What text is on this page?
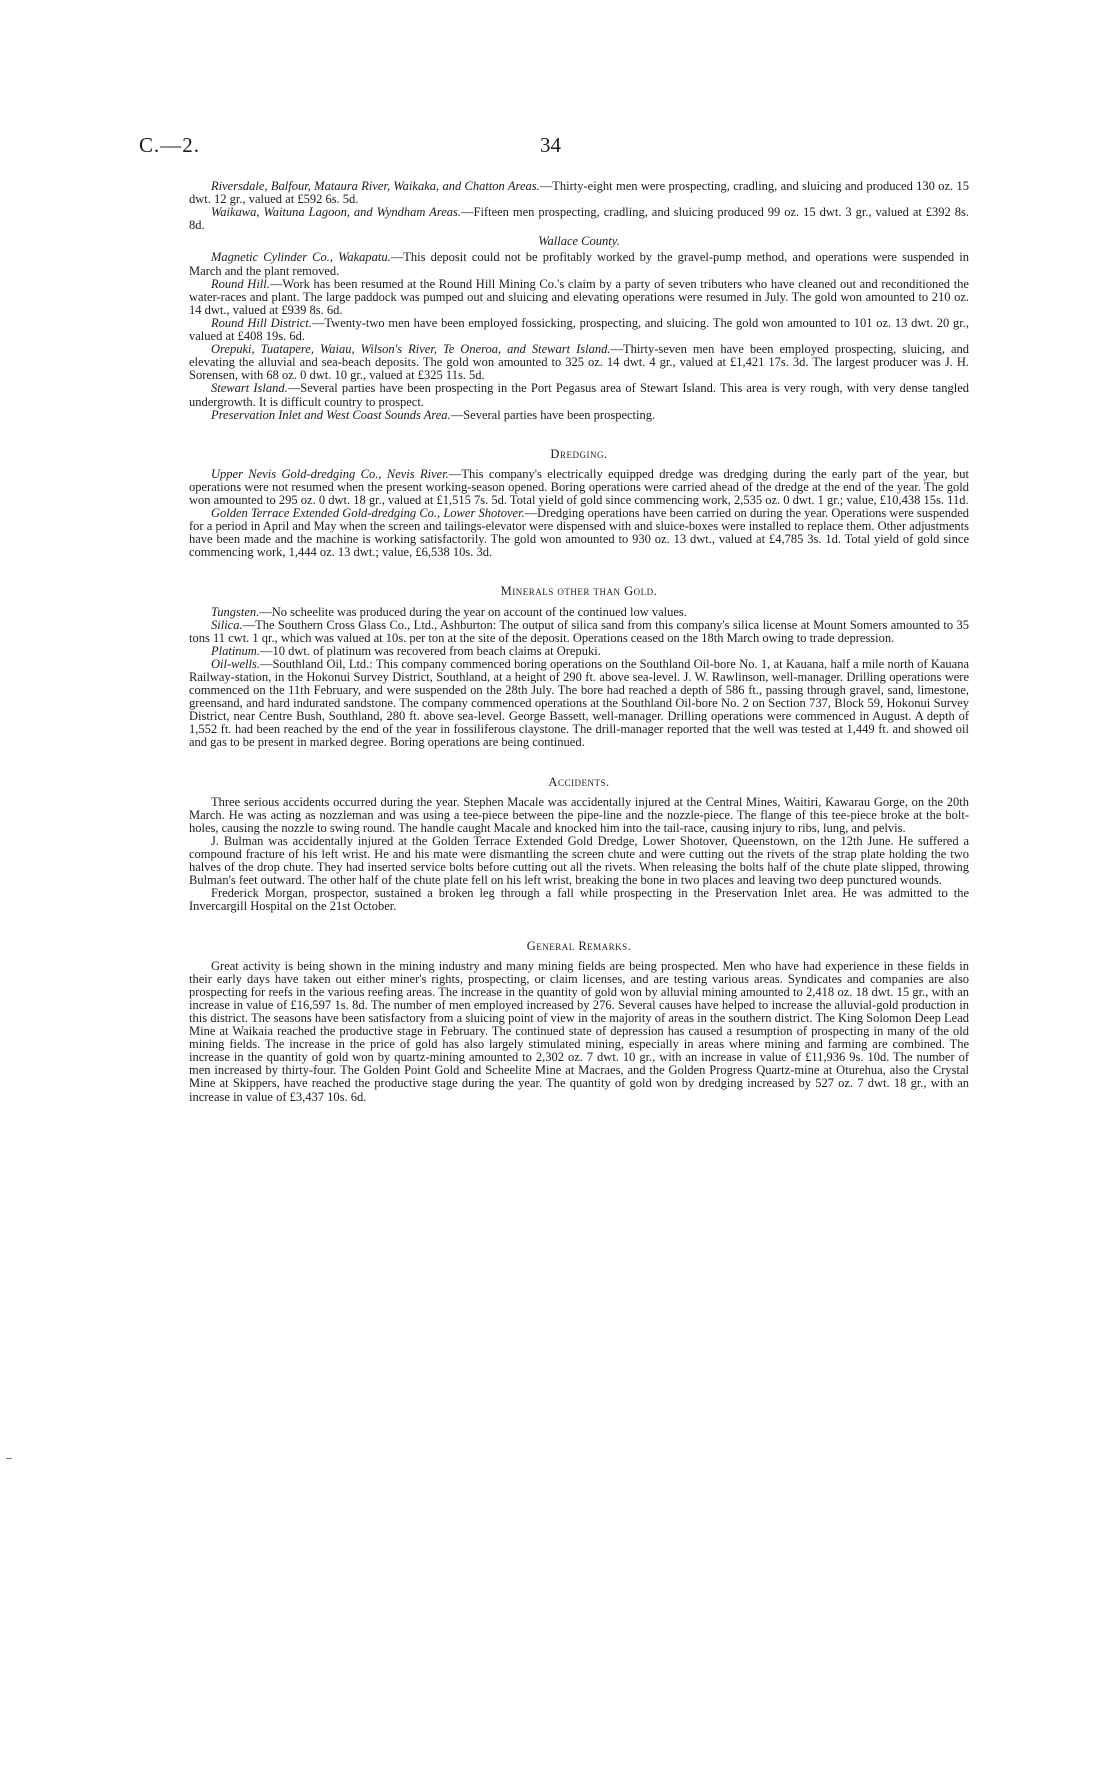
C.—2.	34

Riversdale, Balfour, Mataura River, Waikaka, and Chatton Areas.—Thirty-eight men were prospecting, cradling, and sluicing and produced 130 oz. 15 dwt. 12 gr., valued at £592 6s. 5d.

Waikawa, Waituna Lagoon, and Wyndham Areas.—Fifteen men prospecting, cradling, and sluicing produced 99 oz. 15 dwt. 3 gr., valued at £392 8s. 8d.

Wallace County.

Magnetic Cylinder Co., Wakapatu.—This deposit could not be profitably worked by the gravel-pump method, and operations were suspended in March and the plant removed.

Round Hill.—Work has been resumed at the Round Hill Mining Co.'s claim by a party of seven tributers who have cleaned out and reconditioned the water-races and plant. The large paddock was pumped out and sluicing and elevating operations were resumed in July. The gold won amounted to 210 oz. 14 dwt., valued at £939 8s. 6d.

Round Hill District.—Twenty-two men have been employed fossicking, prospecting, and sluicing. The gold won amounted to 101 oz. 13 dwt. 20 gr., valued at £408 19s. 6d.

Orepuki, Tuatapere, Waiau, Wilson's River, Te Oneroa, and Stewart Island.—Thirty-seven men have been employed prospecting, sluicing, and elevating the alluvial and sea-beach deposits. The gold won amounted to 325 oz. 14 dwt. 4 gr., valued at £1,421 17s. 3d. The largest producer was J. H. Sorensen, with 68 oz. 0 dwt. 10 gr., valued at £325 11s. 5d.

Stewart Island.—Several parties have been prospecting in the Port Pegasus area of Stewart Island. This area is very rough, with very dense tangled undergrowth. It is difficult country to prospect.

Preservation Inlet and West Coast Sounds Area.—Several parties have been prospecting.

Dredging.

Upper Nevis Gold-dredging Co., Nevis River.—This company's electrically equipped dredge was dredging during the early part of the year, but operations were not resumed when the present working-season opened. Boring operations were carried ahead of the dredge at the end of the year. The gold won amounted to 295 oz. 0 dwt. 18 gr., valued at £1,515 7s. 5d. Total yield of gold since commencing work, 2,535 oz. 0 dwt. 1 gr.; value, £10,438 15s. 11d.

Golden Terrace Extended Gold-dredging Co., Lower Shotover.—Dredging operations have been carried on during the year. Operations were suspended for a period in April and May when the screen and tailings-elevator were dispensed with and sluice-boxes were installed to replace them. Other adjustments have been made and the machine is working satisfactorily. The gold won amounted to 930 oz. 13 dwt., valued at £4,785 3s. 1d. Total yield of gold since commencing work, 1,444 oz. 13 dwt.; value, £6,538 10s. 3d.

Minerals other than Gold.

Tungsten.—No scheelite was produced during the year on account of the continued low values.

Silica.—The Southern Cross Glass Co., Ltd., Ashburton: The output of silica sand from this company's silica license at Mount Somers amounted to 35 tons 11 cwt. 1 qr., which was valued at 10s. per ton at the site of the deposit. Operations ceased on the 18th March owing to trade depression.

Platinum.—10 dwt. of platinum was recovered from beach claims at Orepuki.

Oil-wells.—Southland Oil, Ltd.: This company commenced boring operations on the Southland Oil-bore No. 1, at Kauana, half a mile north of Kauana Railway-station, in the Hokonui Survey District, Southland, at a height of 290 ft. above sea-level. J. W. Rawlinson, well-manager. Drilling operations were commenced on the 11th February, and were suspended on the 28th July. The bore had reached a depth of 586 ft., passing through gravel, sand, limestone, greensand, and hard indurated sandstone. The company commenced operations at the Southland Oil-bore No. 2 on Section 737, Block 59, Hokonui Survey District, near Centre Bush, Southland, 280 ft. above sea-level. George Bassett, well-manager. Drilling operations were commenced in August. A depth of 1,552 ft. had been reached by the end of the year in fossiliferous claystone. The drill-manager reported that the well was tested at 1,449 ft. and showed oil and gas to be present in marked degree. Boring operations are being continued.

Accidents.

Three serious accidents occurred during the year. Stephen Macale was accidentally injured at the Central Mines, Waitiri, Kawarau Gorge, on the 20th March. He was acting as nozzleman and was using a tee-piece between the pipe-line and the nozzle-piece. The flange of this tee-piece broke at the bolt-holes, causing the nozzle to swing round. The handle caught Macale and knocked him into the tail-race, causing injury to ribs, lung, and pelvis.

J. Bulman was accidentally injured at the Golden Terrace Extended Gold Dredge, Lower Shotover, Queenstown, on the 12th June. He suffered a compound fracture of his left wrist. He and his mate were dismantling the screen chute and were cutting out the rivets of the strap plate holding the two halves of the drop chute. They had inserted service bolts before cutting out all the rivets. When releasing the bolts half of the chute plate slipped, throwing Bulman's feet outward. The other half of the chute plate fell on his left wrist, breaking the bone in two places and leaving two deep punctured wounds.

Frederick Morgan, prospector, sustained a broken leg through a fall while prospecting in the Preservation Inlet area. He was admitted to the Invercargill Hospital on the 21st October.

General Remarks.

Great activity is being shown in the mining industry and many mining fields are being prospected. Men who have had experience in these fields in their early days have taken out either miner's rights, prospecting, or claim licenses, and are testing various areas. Syndicates and companies are also prospecting for reefs in the various reefing areas. The increase in the quantity of gold won by alluvial mining amounted to 2,418 oz. 18 dwt. 15 gr., with an increase in value of £16,597 1s. 8d. The number of men employed increased by 276. Several causes have helped to increase the alluvial-gold production in this district. The seasons have been satisfactory from a sluicing point of view in the majority of areas in the southern district. The King Solomon Deep Lead Mine at Waikaia reached the productive stage in February. The continued state of depression has caused a resumption of prospecting in many of the old mining fields. The increase in the price of gold has also largely stimulated mining, especially in areas where mining and farming are combined. The increase in the quantity of gold won by quartz-mining amounted to 2,302 oz. 7 dwt. 10 gr., with an increase in value of £11,936 9s. 10d. The number of men increased by thirty-four. The Golden Point Gold and Scheelite Mine at Macraes, and the Golden Progress Quartz-mine at Oturehua, also the Crystal Mine at Skippers, have reached the productive stage during the year. The quantity of gold won by dredging increased by 527 oz. 7 dwt. 18 gr., with an increase in value of £3,437 10s. 6d.
